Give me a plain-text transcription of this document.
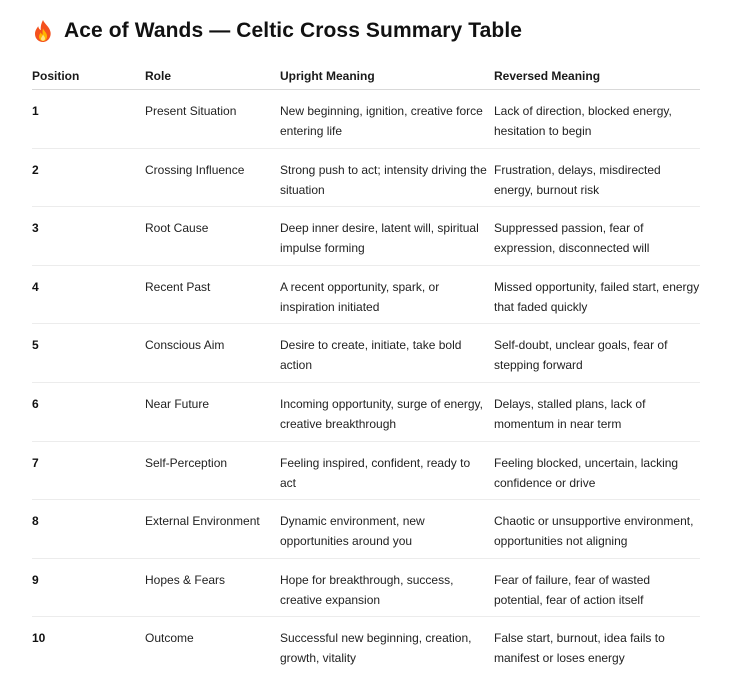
Ace of Wands — Celtic Cross Summary Table
Position	Role	Upright Meaning	Reversed Meaning
1	Present Situation	New beginning, ignition, creative force entering life	Lack of direction, blocked energy, hesitation to begin
2	Crossing Influence	Strong push to act; intensity driving the situation	Frustration, delays, misdirected energy, burnout risk
3	Root Cause	Deep inner desire, latent will, spiritual impulse forming	Suppressed passion, fear of expression, disconnected will
4	Recent Past	A recent opportunity, spark, or inspiration initiated	Missed opportunity, failed start, energy that faded quickly
5	Conscious Aim	Desire to create, initiate, take bold action	Self-doubt, unclear goals, fear of stepping forward
6	Near Future	Incoming opportunity, surge of energy, creative breakthrough	Delays, stalled plans, lack of momentum in near term
7	Self-Perception	Feeling inspired, confident, ready to act	Feeling blocked, uncertain, lacking confidence or drive
8	External Environment	Dynamic environment, new opportunities around you	Chaotic or unsupportive environment, opportunities not aligning
9	Hopes & Fears	Hope for breakthrough, success, creative expansion	Fear of failure, fear of wasted potential, fear of action itself
10	Outcome	Successful new beginning, creation, growth, vitality	False start, burnout, idea fails to manifest or loses energy
